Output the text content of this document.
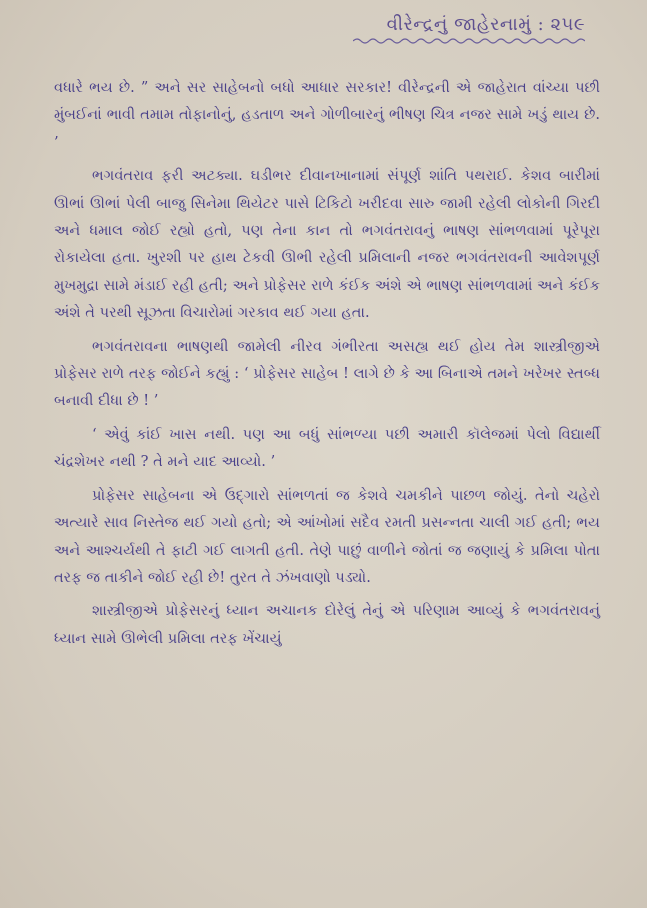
વીરેન્દ્રનું જાહેરનામું : ૨૫૯

વધારે ભય છે. ” અને સર સાહેબનો બધો આધાર સરકાર! વીરેન્દ્રની એ જાહેરાત વાંચ્યા પછી મુંબઈનાં ભાવી તમામ તોફાનોનું, હડતાળ અને ગોળીબારનું ભીષણ ચિત્ર નજર સામે ખડું થાય છે. ’

ભગવંતરાવ ફરી અટક્યા. ઘડીભર દીવાનખાનામાં સંપૂર્ણ શાંતિ પથરાઈ. કેશવ બારીમાં ઊભાં ઊભાં પેલી બાજુ સિનેમા થિયેટર પાસે ટિકિટો ખરીદવા સારુ જામી રહેલી લોકોની ગિરદી અને ધમાલ જોઈ રહ્યો હતો, પણ તેના કાન તો ભગવંતરાવનું ભાષણ સાંભળવામાં પૂરેપૂરા રોકાયેલા હતા. ખુરશી પર હાથ ટેકવી ઊભી રહેલી પ્રમિલાની નજર ભગવંતરાવની આવેશપૂર્ણ મુખમુદ્રા સામે મંડાઈ રહી હતી; અને પ્રોફેસર રાળે કંઈક અંશે એ ભાષણ સાંભળવામાં અને કંઈક અંશે તે પરથી સૂઝતા વિચારોમાં ગરકાવ થઈ ગયા હતા.

ભગવંતરાવના ભાષણથી જામેલી નીરવ ગંભીરતા અસહ્ય થઈ હોય તેમ શાસ્ત્રીજીએ પ્રોફેસર રાળે તરફ જોઈને કહ્યું : ‘ પ્રોફેસર સાહેબ ! લાગે છે કે આ બિનાએ તમને ખરેખર સ્તબ્ધ બનાવી દીધા છે ! ’

‘ એવું કાંઈ ખાસ નથી. પણ આ બધું સાંભળ્યા પછી અમારી કૉલેજમાં પેલો વિદ્યાર્થી ચંદ્રશેખર નથી ? તે મને યાદ આવ્યો. ’

પ્રોફેસર સાહેબના એ ઉદ્ગારો સાંભળતાં જ કેશવે ચમકીને પાછળ જોયું. તેનો ચહેરો અત્યારે સાવ નિસ્તેજ થઈ ગયો હતો; એ આંખોમાં સદૈવ રમતી પ્રસન્નતા ચાલી ગઈ હતી; ભય અને આશ્ચર્યથી તે ફાટી ગઈ લાગતી હતી. તેણે પાછું વાળીને જોતાં જ જણાયું કે પ્રમિલા પોતા તરફ જ તાકીને જોઈ રહી છે! તુરત તે ઝંખવાણો પડ્યો.

શાસ્ત્રીજીએ પ્રોફેસરનું ધ્યાન અચાનક દોરેલું તેનું એ પરિણામ આવ્યું કે ભગવંતરાવનું ધ્યાન સામે ઊભેલી પ્રમિલા તરફ ખેંચાયું
